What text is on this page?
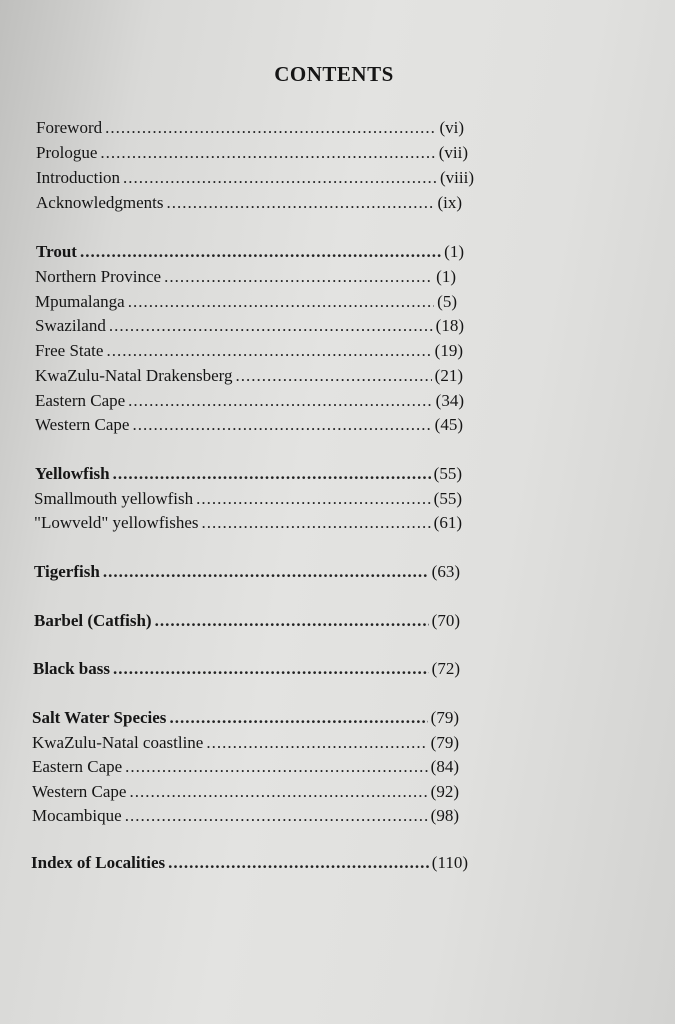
CONTENTS
Foreword .....	(vi)
Prologue .....	(vii)
Introduction .....	(viii)
Acknowledgments .....	(ix)
Trout .....	(1)
Northern Province .....	(1)
Mpumalanga .....	(5)
Swaziland .....	(18)
Free State .....	(19)
KwaZulu-Natal Drakensberg .....	(21)
Eastern Cape .....	(34)
Western Cape .....	(45)
Yellowfish .....	(55)
Smallmouth yellowfish .....	(55)
"Lowveld" yellowfishes .....	(61)
Tigerfish .....	(63)
Barbel (Catfish) .....	(70)
Black bass .....	(72)
Salt Water Species .....	(79)
KwaZulu-Natal coastline .....	(79)
Eastern Cape .....	(84)
Western Cape .....	(92)
Mocambique .....	(98)
Index of Localities .....	(110)
